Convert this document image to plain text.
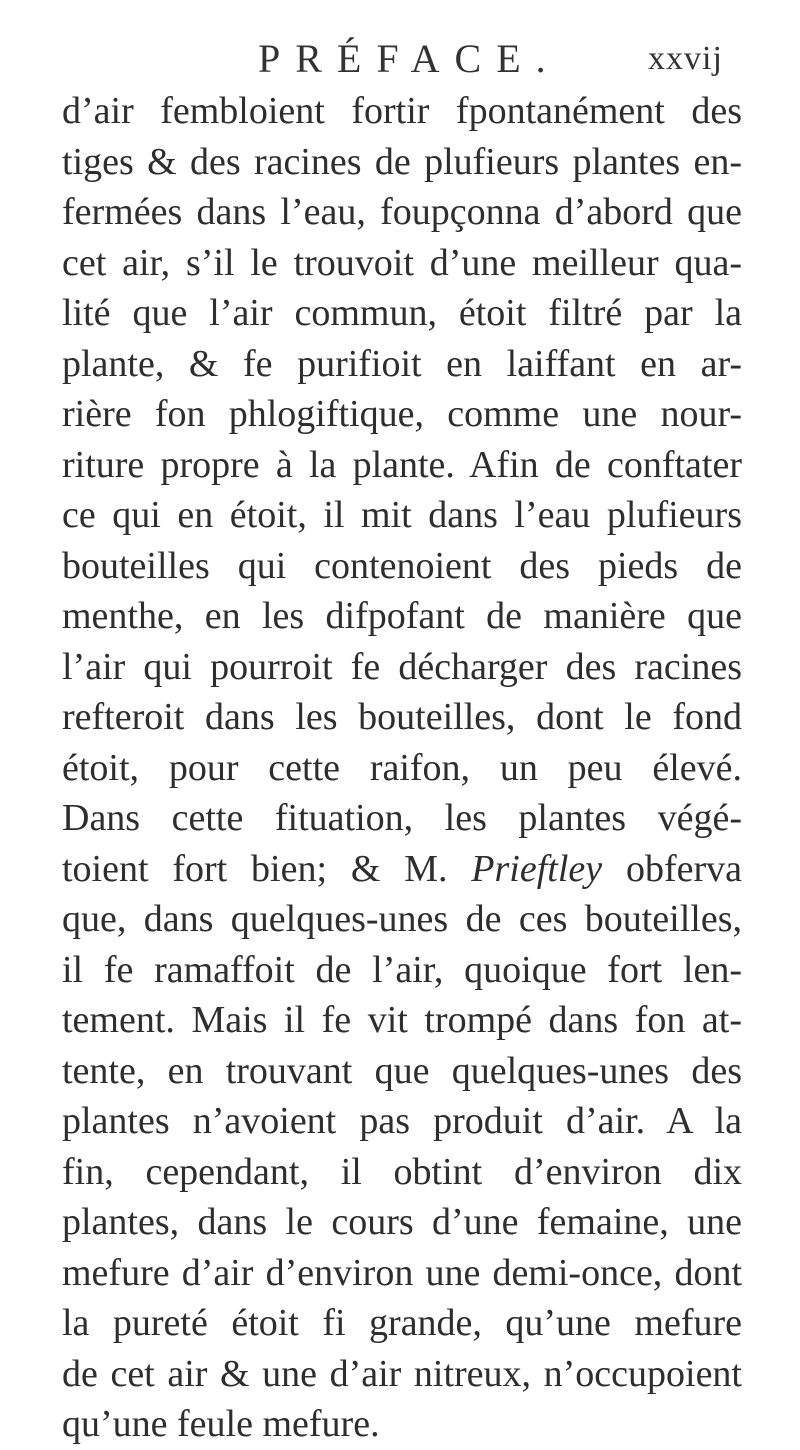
PRÉFACE.	xxvij
d’air fembloient fortir fpontanément des
tiges & des racines de plufieurs plantes en-
fermées dans l’eau, foupçonna d’abord que
cet air, s’il le trouvoit d’une meilleur qua-
lité que l’air commun, étoit filtré par la
plante, & fe purifioit en laiffant en ar-
rière fon phlogiftique, comme une nour-
riture propre à la plante. Afin de conftater
ce qui en étoit, il mit dans l’eau plufieurs
bouteilles qui contenoient des pieds de
menthe, en les difpofant de manière que
l’air qui pourroit fe décharger des racines
refteroit dans les bouteilles, dont le fond
étoit, pour cette raifon, un peu élevé.
Dans cette fituation, les plantes végé-
toient fort bien; & M. Prieftley obferva
que, dans quelques-unes de ces bouteilles,
il fe ramaffoit de l’air, quoique fort len-
tement. Mais il fe vit trompé dans fon at-
tente, en trouvant que quelques-unes des
plantes n’avoient pas produit d’air. A la
fin, cependant, il obtint d’environ dix
plantes, dans le cours d’une femaine, une
mefure d’air d’environ une demi-once, dont
la pureté étoit fi grande, qu’une mefure
de cet air & une d’air nitreux, n’occupoient
qu’une feule mefure.
